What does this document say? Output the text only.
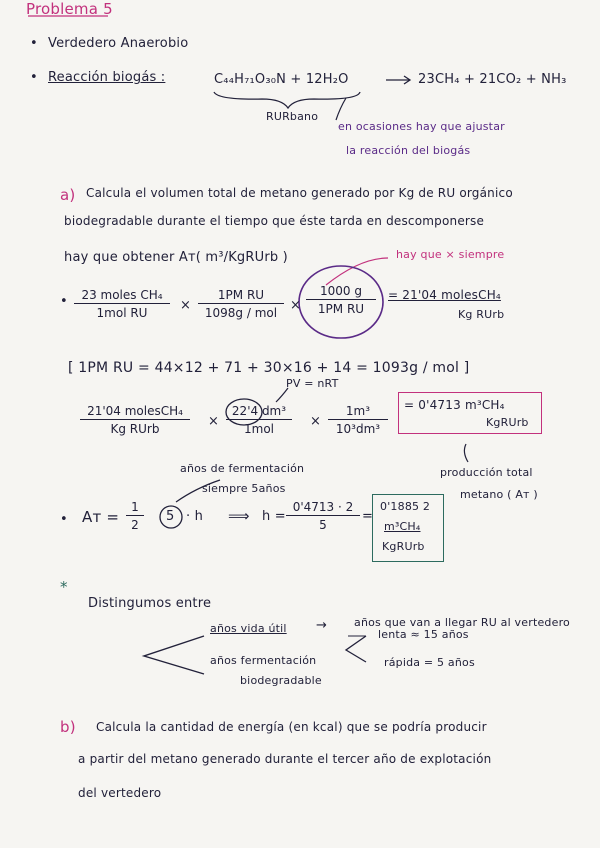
Problema 5
• Verdedero Anaerobio
• Reacción biogás :	C₄₄H₇₁O₃₀N + 12H₂O	23CH₄ + 21CO₂ + NH₃
RURbano
en ocasiones hay que ajustar
la reacción del biogás
a) Calcula el volumen total de metano generado por Kg de RU orgánico
biodegradable durante el tiempo que éste tarda en descomponerse
hay que obtener Aᴛ( m³/KgRUrb )	hay que × siempre
•	23 moles CH₄
1mol RU	×
1PM RU
1098g / mol × $\frac{1000 g}{\text{1PM RU}} = 21'04$ molesCH₄
Kg RUrb
[ 1PM RU = 44×12 + 71 + 30×16 + 14 = 1093g / mol ]
PV = nRT
21'04 molesCH₄
Kg RUrb	×
22'4 dm³
1mol	× $\frac{\text{1m³}}{\text{10³dm³}} = 0'4713$ m³CH₄
KgRUrb
años de fermentación
siempre 5años
producción total
metano ( Aᴛ )
• Aᴛ = $\frac{1}{2} 5 \cdot h$ ⟹ $h = \frac{0'4713 \cdot 2}{5}$ =
0'1885 2
m³CH₄
KgRUrb
*
Distingumos entre
años vida útil → años que van a llegar RU al vertedero
años fermentación
biodegradable
lenta ≈ 15 años
rápida = 5 años
b) Calcula la cantidad de energía (en kcal) que se podría producir
a partir del metano generado durante el tercer año de explotación
del vertedero
